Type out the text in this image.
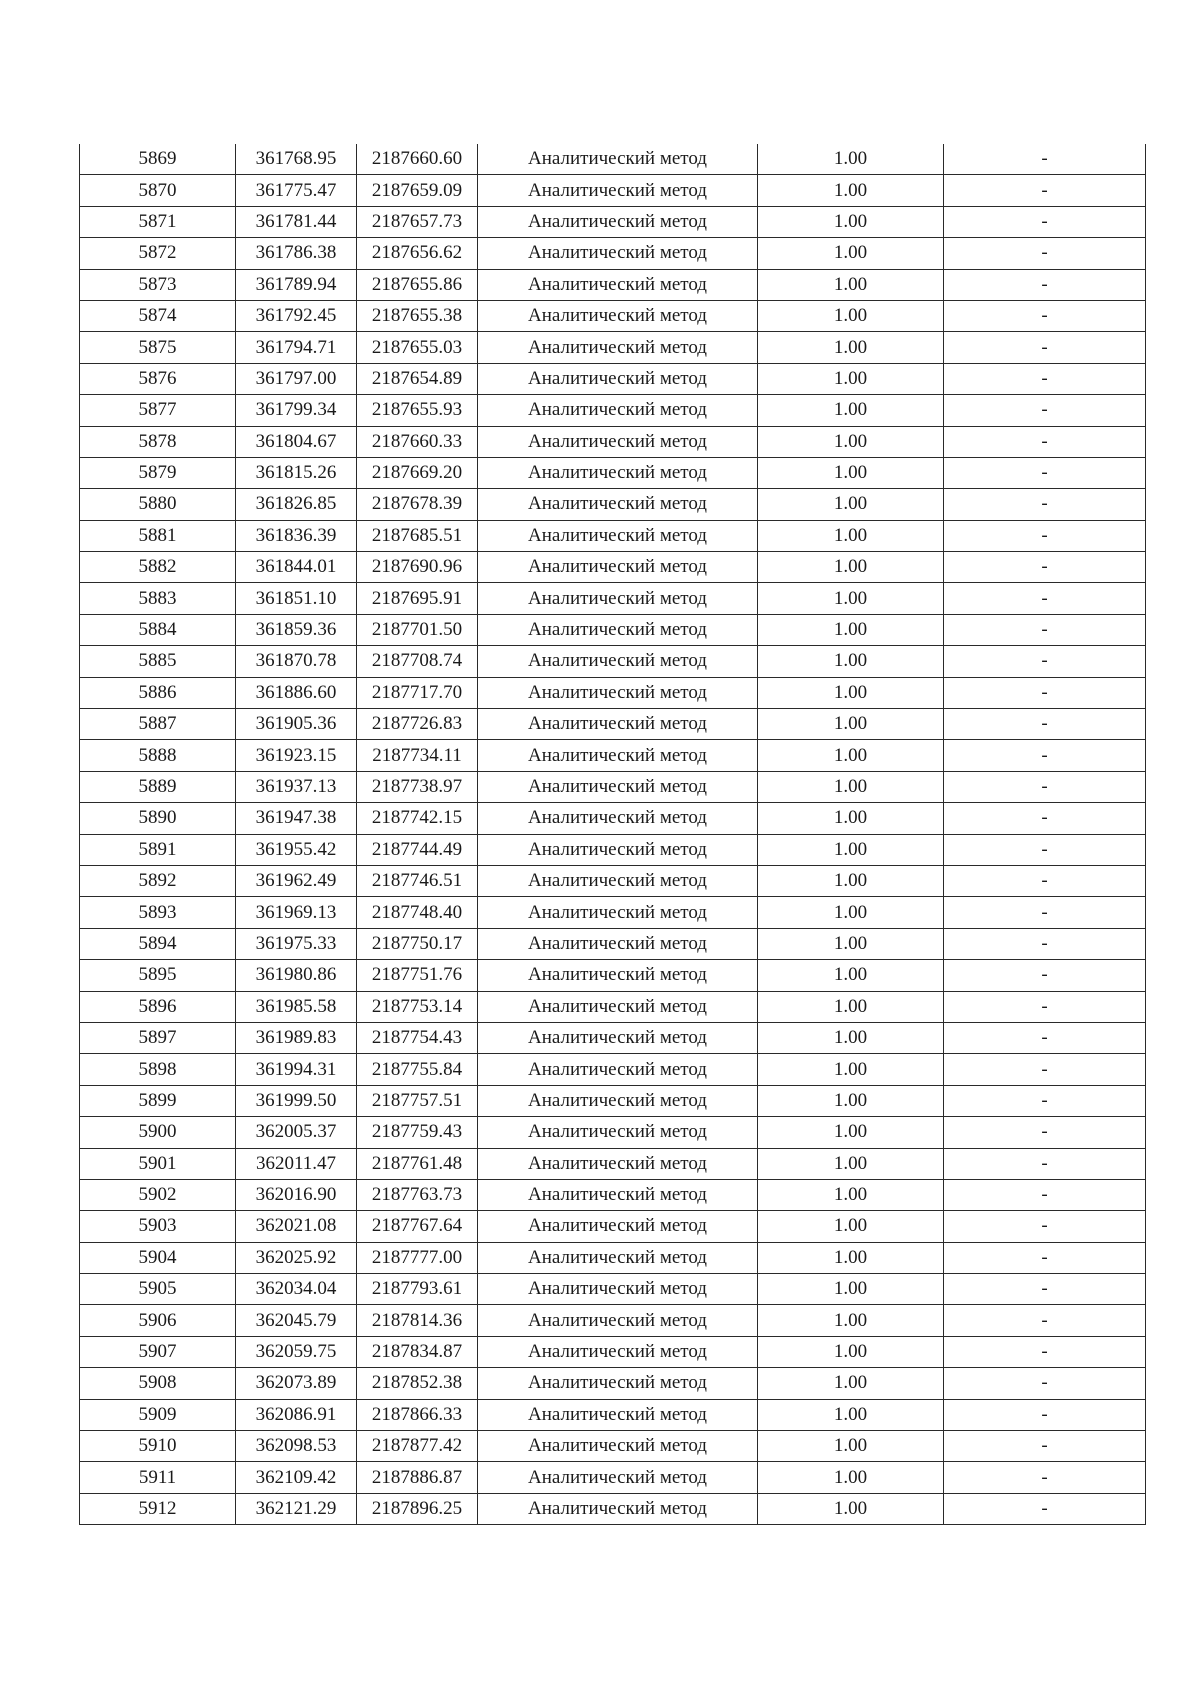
5869	361768.95	2187660.60	Аналитический метод	1.00	-
5870	361775.47	2187659.09	Аналитический метод	1.00	-
5871	361781.44	2187657.73	Аналитический метод	1.00	-
5872	361786.38	2187656.62	Аналитический метод	1.00	-
5873	361789.94	2187655.86	Аналитический метод	1.00	-
5874	361792.45	2187655.38	Аналитический метод	1.00	-
5875	361794.71	2187655.03	Аналитический метод	1.00	-
5876	361797.00	2187654.89	Аналитический метод	1.00	-
5877	361799.34	2187655.93	Аналитический метод	1.00	-
5878	361804.67	2187660.33	Аналитический метод	1.00	-
5879	361815.26	2187669.20	Аналитический метод	1.00	-
5880	361826.85	2187678.39	Аналитический метод	1.00	-
5881	361836.39	2187685.51	Аналитический метод	1.00	-
5882	361844.01	2187690.96	Аналитический метод	1.00	-
5883	361851.10	2187695.91	Аналитический метод	1.00	-
5884	361859.36	2187701.50	Аналитический метод	1.00	-
5885	361870.78	2187708.74	Аналитический метод	1.00	-
5886	361886.60	2187717.70	Аналитический метод	1.00	-
5887	361905.36	2187726.83	Аналитический метод	1.00	-
5888	361923.15	2187734.11	Аналитический метод	1.00	-
5889	361937.13	2187738.97	Аналитический метод	1.00	-
5890	361947.38	2187742.15	Аналитический метод	1.00	-
5891	361955.42	2187744.49	Аналитический метод	1.00	-
5892	361962.49	2187746.51	Аналитический метод	1.00	-
5893	361969.13	2187748.40	Аналитический метод	1.00	-
5894	361975.33	2187750.17	Аналитический метод	1.00	-
5895	361980.86	2187751.76	Аналитический метод	1.00	-
5896	361985.58	2187753.14	Аналитический метод	1.00	-
5897	361989.83	2187754.43	Аналитический метод	1.00	-
5898	361994.31	2187755.84	Аналитический метод	1.00	-
5899	361999.50	2187757.51	Аналитический метод	1.00	-
5900	362005.37	2187759.43	Аналитический метод	1.00	-
5901	362011.47	2187761.48	Аналитический метод	1.00	-
5902	362016.90	2187763.73	Аналитический метод	1.00	-
5903	362021.08	2187767.64	Аналитический метод	1.00	-
5904	362025.92	2187777.00	Аналитический метод	1.00	-
5905	362034.04	2187793.61	Аналитический метод	1.00	-
5906	362045.79	2187814.36	Аналитический метод	1.00	-
5907	362059.75	2187834.87	Аналитический метод	1.00	-
5908	362073.89	2187852.38	Аналитический метод	1.00	-
5909	362086.91	2187866.33	Аналитический метод	1.00	-
5910	362098.53	2187877.42	Аналитический метод	1.00	-
5911	362109.42	2187886.87	Аналитический метод	1.00	-
5912	362121.29	2187896.25	Аналитический метод	1.00	-
